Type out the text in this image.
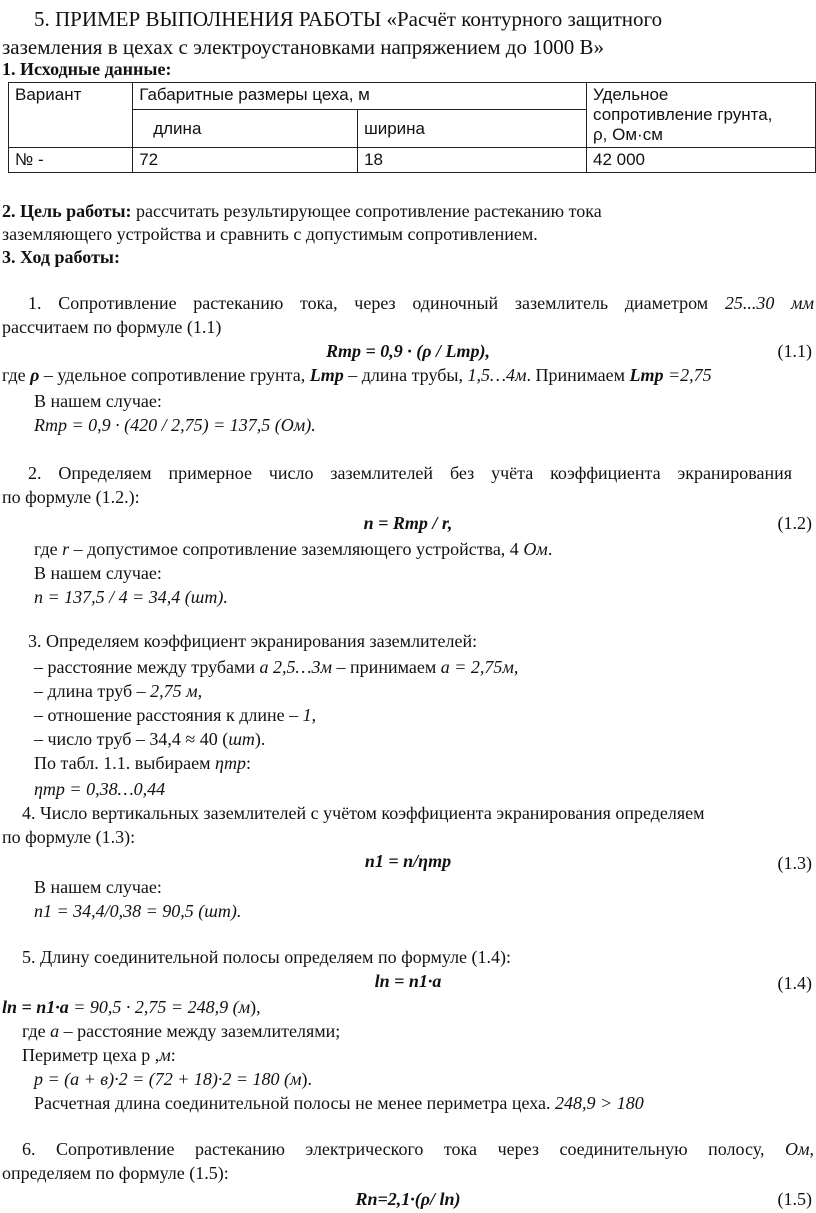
5. ПРИМЕР ВЫПОЛНЕНИЯ РАБОТЫ «Расчёт контурного защитного
заземления в цехах с электроустановками напряжением до 1000 В»
1. Исходные данные:
Вариант	Габаритные размеры цеха, м		Удельное
сопротивление грунта,
ρ, Ом·см

	длина	ширина	
№ -	72	18	42 000
2. Цель работы: рассчитать результирующее сопротивление растеканию тока
заземляющего устройства и сравнить с допустимым сопротивлением.
3. Ход работы:
1. Сопротивление растеканию тока, через одиночный заземлитель диаметром 25...30 мм
рассчитаем по формуле (1.1)
Rтр = 0,9 · (ρ / Lтр),	(1.1)
где ρ – удельное сопротивление грунта, Lтр – длина трубы, 1,5…4м. Принимаем Lтр =2,75
В нашем случае:
Rтр = 0,9 · (420 / 2,75) = 137,5 (Ом).
2. Определяем примерное число заземлителей без учёта коэффициента экранирования
по формуле (1.2.):
n = Rтр / r,	(1.2)
где r – допустимое сопротивление заземляющего устройства, 4 Ом.
В нашем случае:
n = 137,5 / 4 = 34,4 (шт).
3. Определяем коэффициент экранирования заземлителей:
– расстояние между трубами а 2,5…3м – принимаем а = 2,75м,
– длина труб – 2,75 м,
– отношение расстояния к длине – 1,
– число труб – 34,4 ≈ 40 (шт).
По табл. 1.1. выбираем ηтр:
ηтр = 0,38…0,44
4. Число вертикальных заземлителей с учётом коэффициента экранирования определяем
по формуле (1.3):
n1 = n/ηтр	(1.3)
В нашем случае:
n1 = 34,4/0,38 = 90,5 (шт).
5. Длину соединительной полосы определяем по формуле (1.4):
lп = n1·a	(1.4)
lп = n1·a = 90,5 · 2,75 = 248,9 (м),
где а – расстояние между заземлителями;
Периметр цеха р ,м:
р = (а + в)·2 = (72 + 18)·2 = 180 (м).
Расчетная длина соединительной полосы не менее периметра цеха. 248,9 > 180
6. Сопротивление растеканию электрического тока через соединительную полосу, Ом,
определяем по формуле (1.5):
Rп=2,1·(ρ/ lп)	(1.5)
